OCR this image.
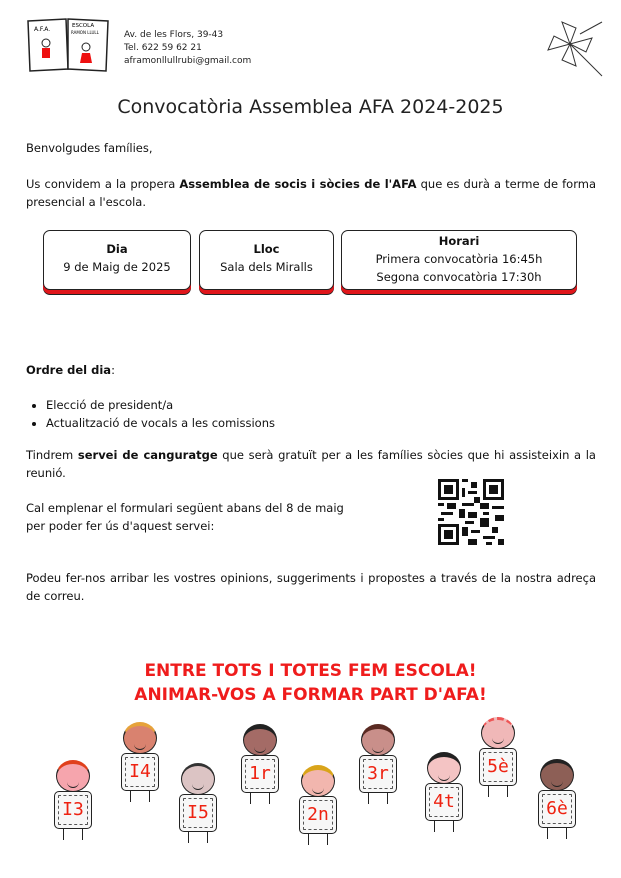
A.F.A.	ESCOLA
RAMON LLULL	Av. de les Flors, 39-43
Tel. 622 59 62 21
aframonllullrubi@gmail.com
Convocatòria Assemblea AFA 2024-2025
Benvolgudes famílies,
Us convidem a la propera Assemblea de socis i sòcies de l'AFA que es durà a terme de forma presencial a l'escola.
Dia
9 de Maig de 2025
Lloc
Sala dels Miralls
Horari
Primera convocatòria 16:45h
Segona convocatòria 17:30h
Ordre del dia:
• Elecció de president/a
• Actualització de vocals a les comissions
Tindrem servei de canguratge que serà gratuït per a les famílies sòcies que hi assisteixin a la reunió.
Cal emplenar el formulari següent abans del 8 de maig
per poder fer ús d'aquest servei:
Podeu fer-nos arribar les vostres opinions, suggeriments i propostes a través de la nostra adreça de correu.
ENTRE TOTS I TOTES FEM ESCOLA!
ANIMAR-VOS A FORMAR PART D'AFA!
I3
I4
I5
1r
2n
3r
4t
5è
6è
